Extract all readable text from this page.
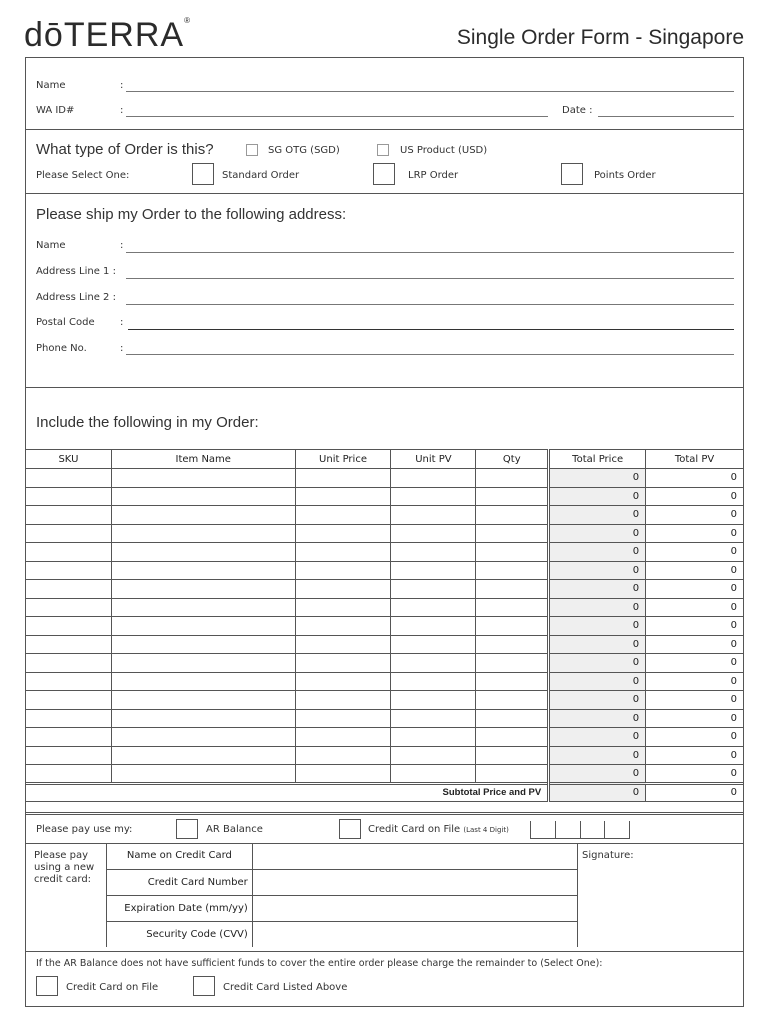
dōTERRA®
Single Order Form - Singapore
Name	:
WA ID#	:	Date :
What type of Order is this?	SG OTG (SGD)	US Product (USD)
Please Select One:	Standard Order	LRP Order	Points Order
Please ship my Order to the following address:
Name	:
Address Line 1 :
Address Line 2 :
Postal Code	:
Phone No.	:
Include the following in my Order:
SKU	Item Name	Unit Price	Unit PV	Qty	Total Price	Total PV
					0	0
					0	0
					0	0
					0	0
					0	0
					0	0
					0	0
					0	0
					0	0
					0	0
					0	0
					0	0
					0	0
					0	0
					0	0
					0	0
					0	0
Subtotal Price and PV					0	0
Please pay use my:	AR Balance	Credit Card on File (Last 4 Digit)
Please pay using a new credit card:
Name on Credit Card	
Credit Card Number	
Expiration Date (mm/yy)	
Security Code (CVV)	
Signature:
If the AR Balance does not have sufficient funds to cover the entire order please charge the remainder to (Select One):
Credit Card on File	Credit Card Listed Above
